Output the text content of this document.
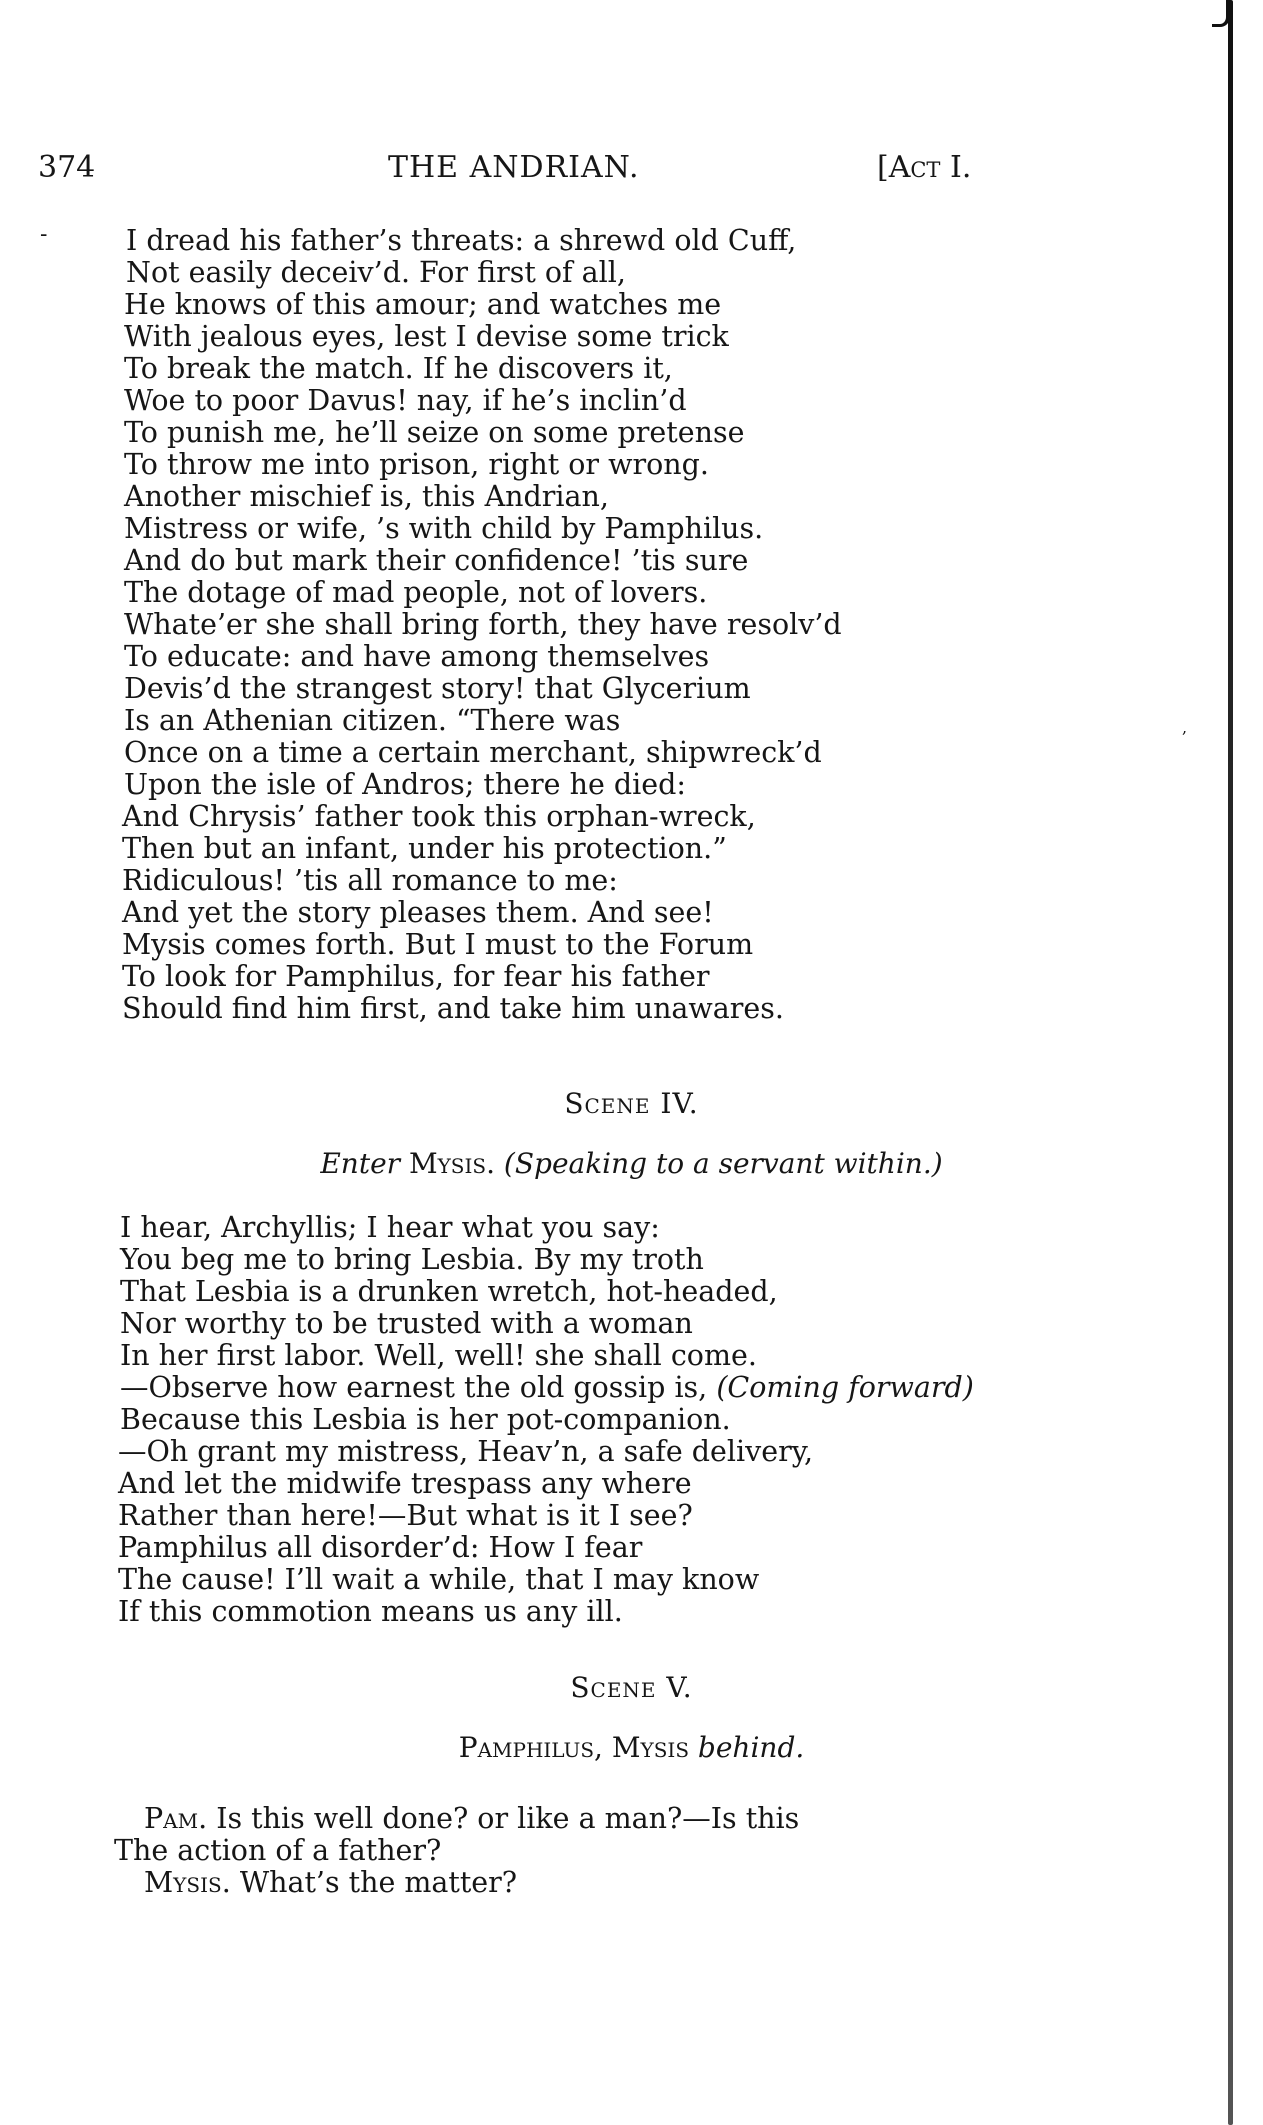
374	THE ANDRIAN.	[Act I.
-
,
I dread his father’s threats: a shrewd old Cuff,
Not easily deceiv’d. For first of all,
He knows of this amour; and watches me
With jealous eyes, lest I devise some trick
To break the match. If he discovers it,
Woe to poor Davus! nay, if he’s inclin’d
To punish me, he’ll seize on some pretense
To throw me into prison, right or wrong.
Another mischief is, this Andrian,
Mistress or wife, ’s with child by Pamphilus.
And do but mark their confidence! ’tis sure
The dotage of mad people, not of lovers.
Whate’er she shall bring forth, they have resolv’d
To educate: and have among themselves
Devis’d the strangest story! that Glycerium
Is an Athenian citizen. “There was
Once on a time a certain merchant, shipwreck’d
Upon the isle of Andros; there he died:
And Chrysis’ father took this orphan-wreck,
Then but an infant, under his protection.”
Ridiculous! ’tis all romance to me:
And yet the story pleases them. And see!
Mysis comes forth. But I must to the Forum
To look for Pamphilus, for fear his father
Should find him first, and take him unawares.
Scene IV.
Enter Mysis. (Speaking to a servant within.)
I hear, Archyllis; I hear what you say:
You beg me to bring Lesbia. By my troth
That Lesbia is a drunken wretch, hot-headed,
Nor worthy to be trusted with a woman
In her first labor. Well, well! she shall come.
—Observe how earnest the old gossip is, (Coming forward)
Because this Lesbia is her pot-companion.
—Oh grant my mistress, Heav’n, a safe delivery,
And let the midwife trespass any where
Rather than here!—But what is it I see?
Pamphilus all disorder’d: How I fear
The cause! I’ll wait a while, that I may know
If this commotion means us any ill.
Scene V.
Pamphilus, Mysis behind.
Pam. Is this well done? or like a man?—Is this
The action of a father?
Mysis. What’s the matter?
